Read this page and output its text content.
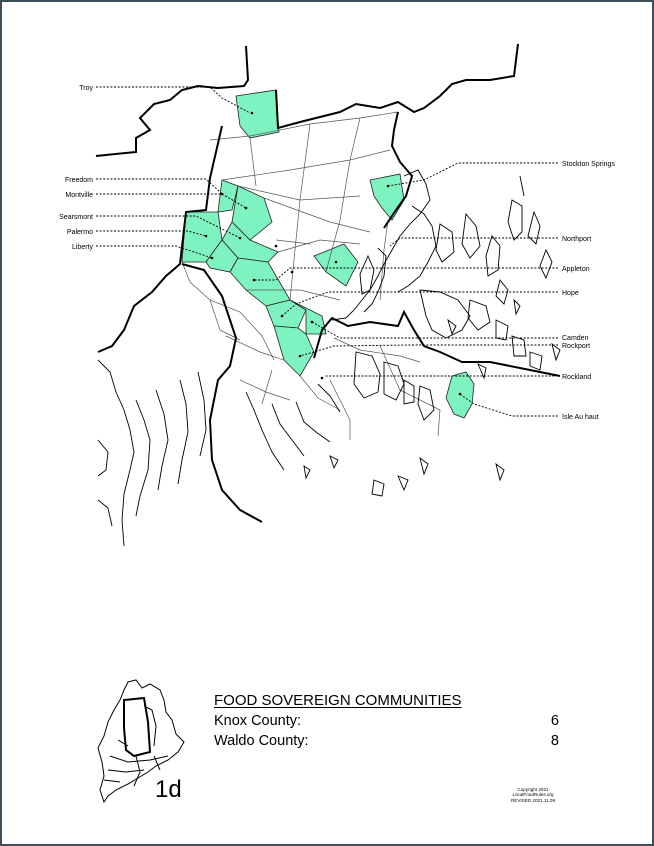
Troy
Freedom
Montville
Searsmont
Palermo
Liberty
Stockton Springs
Northport
Appleton
Hope
Camden
Rockport
Rockland
Isle Au haut
FOOD SOVEREIGN COMMUNITIES
Knox County:	6
Waldo County:	8
1d	Copyright 2021
LocalFoodRules.org
REVISED 2021.11.09
